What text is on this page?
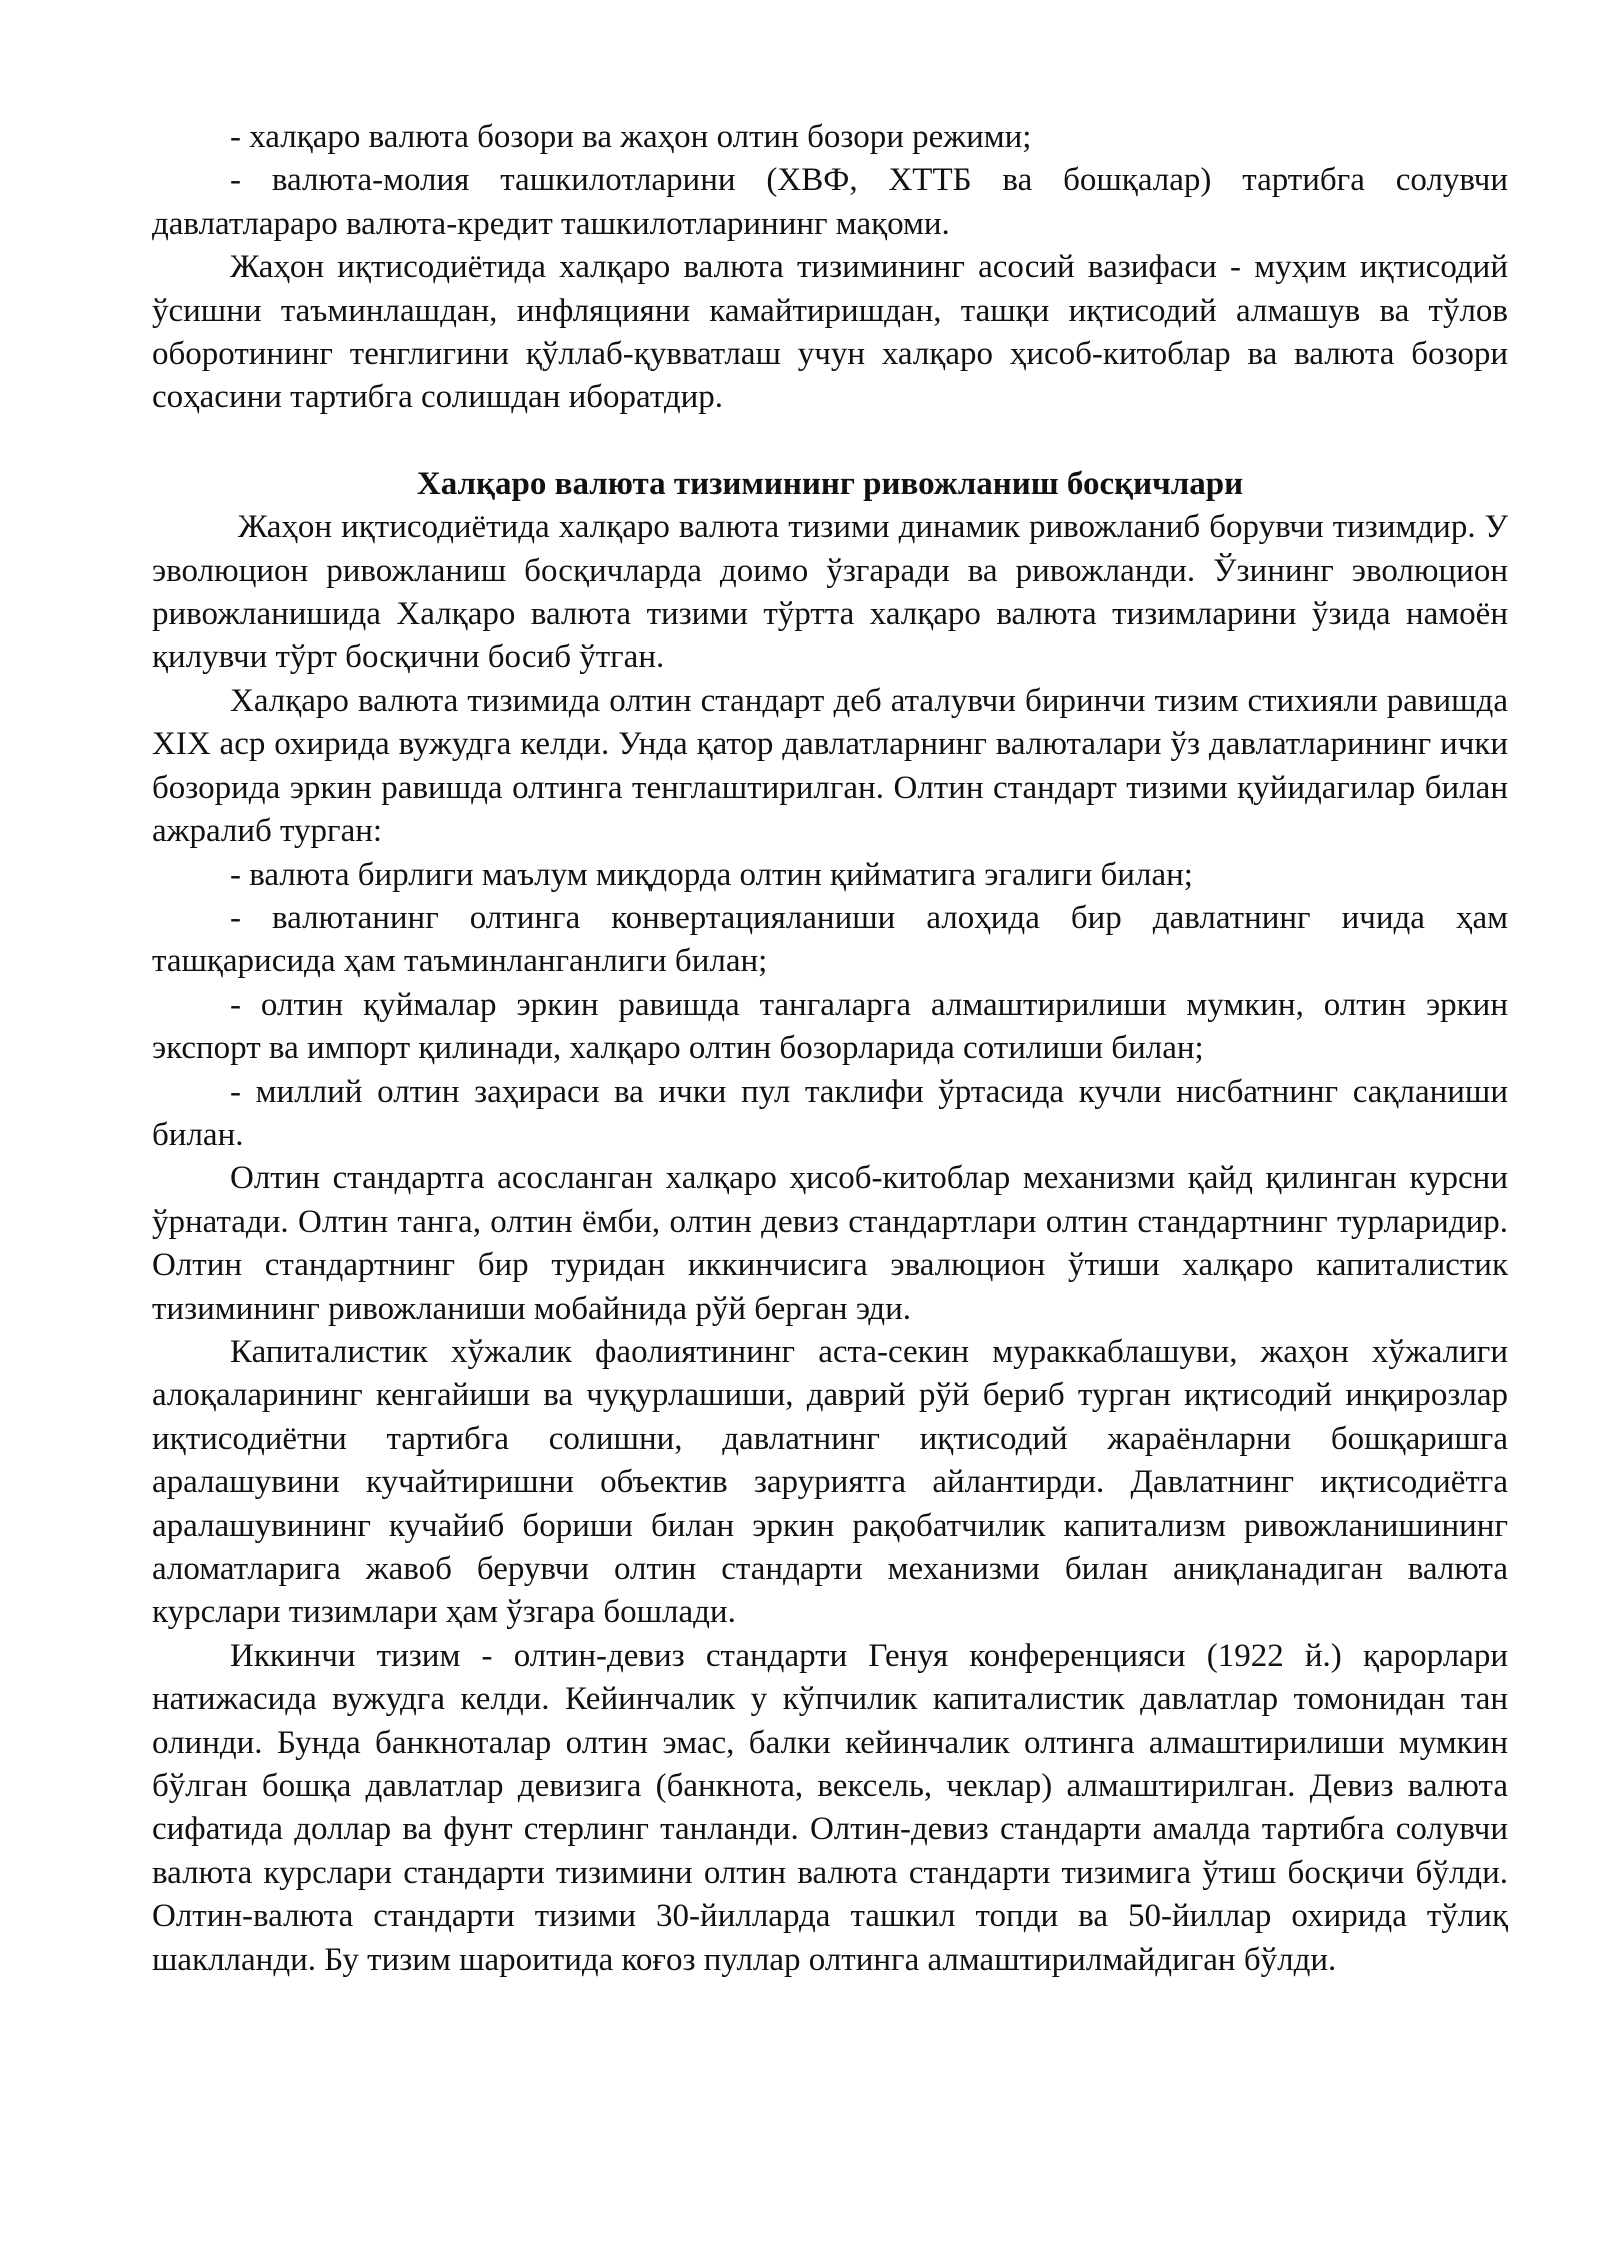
- халқаро валюта бозори ва жаҳон олтин бозори режими;

- валюта-молия ташкилотларини (ХВФ, ХТТБ ва бошқалар) тартибга солувчи давлатлараро валюта-кредит ташкилотларининг мақоми.

Жаҳон иқтисодиётида халқаро валюта тизимининг асосий вазифаси - муҳим иқтисодий ўсишни таъминлашдан, инфляцияни камайтиришдан, ташқи иқтисодий алмашув ва тўлов оборотининг тенглигини қўллаб-қувватлаш учун халқаро ҳисоб-китоблар ва валюта бозори соҳасини тартибга солишдан иборатдир.

Халқаро валюта тизимининг ривожланиш босқичлари

Жаҳон иқтисодиётида халқаро валюта тизими динамик ривожланиб борувчи тизимдир. У эволюцион ривожланиш босқичларда доимо ўзгаради ва ривожланди. Ўзининг эволюцион ривожланишида Халқаро валюта тизими тўртта халқаро валюта тизимларини ўзида намоён қилувчи тўрт босқични босиб ўтган.

Халқаро валюта тизимида олтин стандарт деб аталувчи биринчи тизим стихияли равишда XIX аср охирида вужудга келди. Унда қатор давлатларнинг валюталари ўз давлатларининг ички бозорида эркин равишда олтинга тенглаштирилган. Олтин стандарт тизими қуйидагилар билан ажралиб турган:

- валюта бирлиги маълум миқдорда олтин қийматига эгалиги билан;

- валютанинг олтинга конвертацияланиши алоҳида бир давлатнинг ичида ҳам ташқарисида ҳам таъминланганлиги билан;

- олтин қуймалар эркин равишда тангаларга алмаштирилиши мумкин, олтин эркин экспорт ва импорт қилинади, халқаро олтин бозорларида сотилиши билан;

- миллий олтин заҳираси ва ички пул таклифи ўртасида кучли нисбатнинг сақланиши билан.

Олтин стандартга асосланган халқаро ҳисоб-китоблар механизми қайд қилинган курсни ўрнатади. Олтин танга, олтин ёмби, олтин девиз стандартлари олтин стандартнинг турларидир. Олтин стандартнинг бир туридан иккинчисига эвалюцион ўтиши халқаро капиталистик тизимининг ривожланиши мобайнида рўй берган эди.

Капиталистик хўжалик фаолиятининг аста-секин мураккаблашуви, жаҳон хўжалиги алоқаларининг кенгайиши ва чуқурлашиши, даврий рўй бериб турган иқтисодий инқирозлар иқтисодиётни тартибга солишни, давлатнинг иқтисодий жараёнларни бошқаришга аралашувини кучайтиришни объектив заруриятга айлантирди. Давлатнинг иқтисодиётга аралашувининг кучайиб бориши билан эркин рақобатчилик капитализм ривожланишининг аломатларига жавоб берувчи олтин стандарти механизми билан аниқланадиган валюта курслари тизимлари ҳам ўзгара бошлади.

Иккинчи тизим - олтин-девиз стандарти Генуя конференцияси (1922 й.) қарорлари натижасида вужудга келди. Кейинчалик у кўпчилик капиталистик давлатлар томонидан тан олинди. Бунда банкноталар олтин эмас, балки кейинчалик олтинга алмаштирилиши мумкин бўлган бошқа давлатлар девизига (банкнота, вексель, чеклар) алмаштирилган. Девиз валюта сифатида доллар ва фунт стерлинг танланди. Олтин-девиз стандарти амалда тартибга солувчи валюта курслари стандарти тизимини олтин валюта стандарти тизимига ўтиш босқичи бўлди. Олтин-валюта стандарти тизими 30-йилларда ташкил топди ва 50-йиллар охирида тўлиқ шаклланди. Бу тизим шароитида коғоз пуллар олтинга алмаштирилмайдиган бўлди.
